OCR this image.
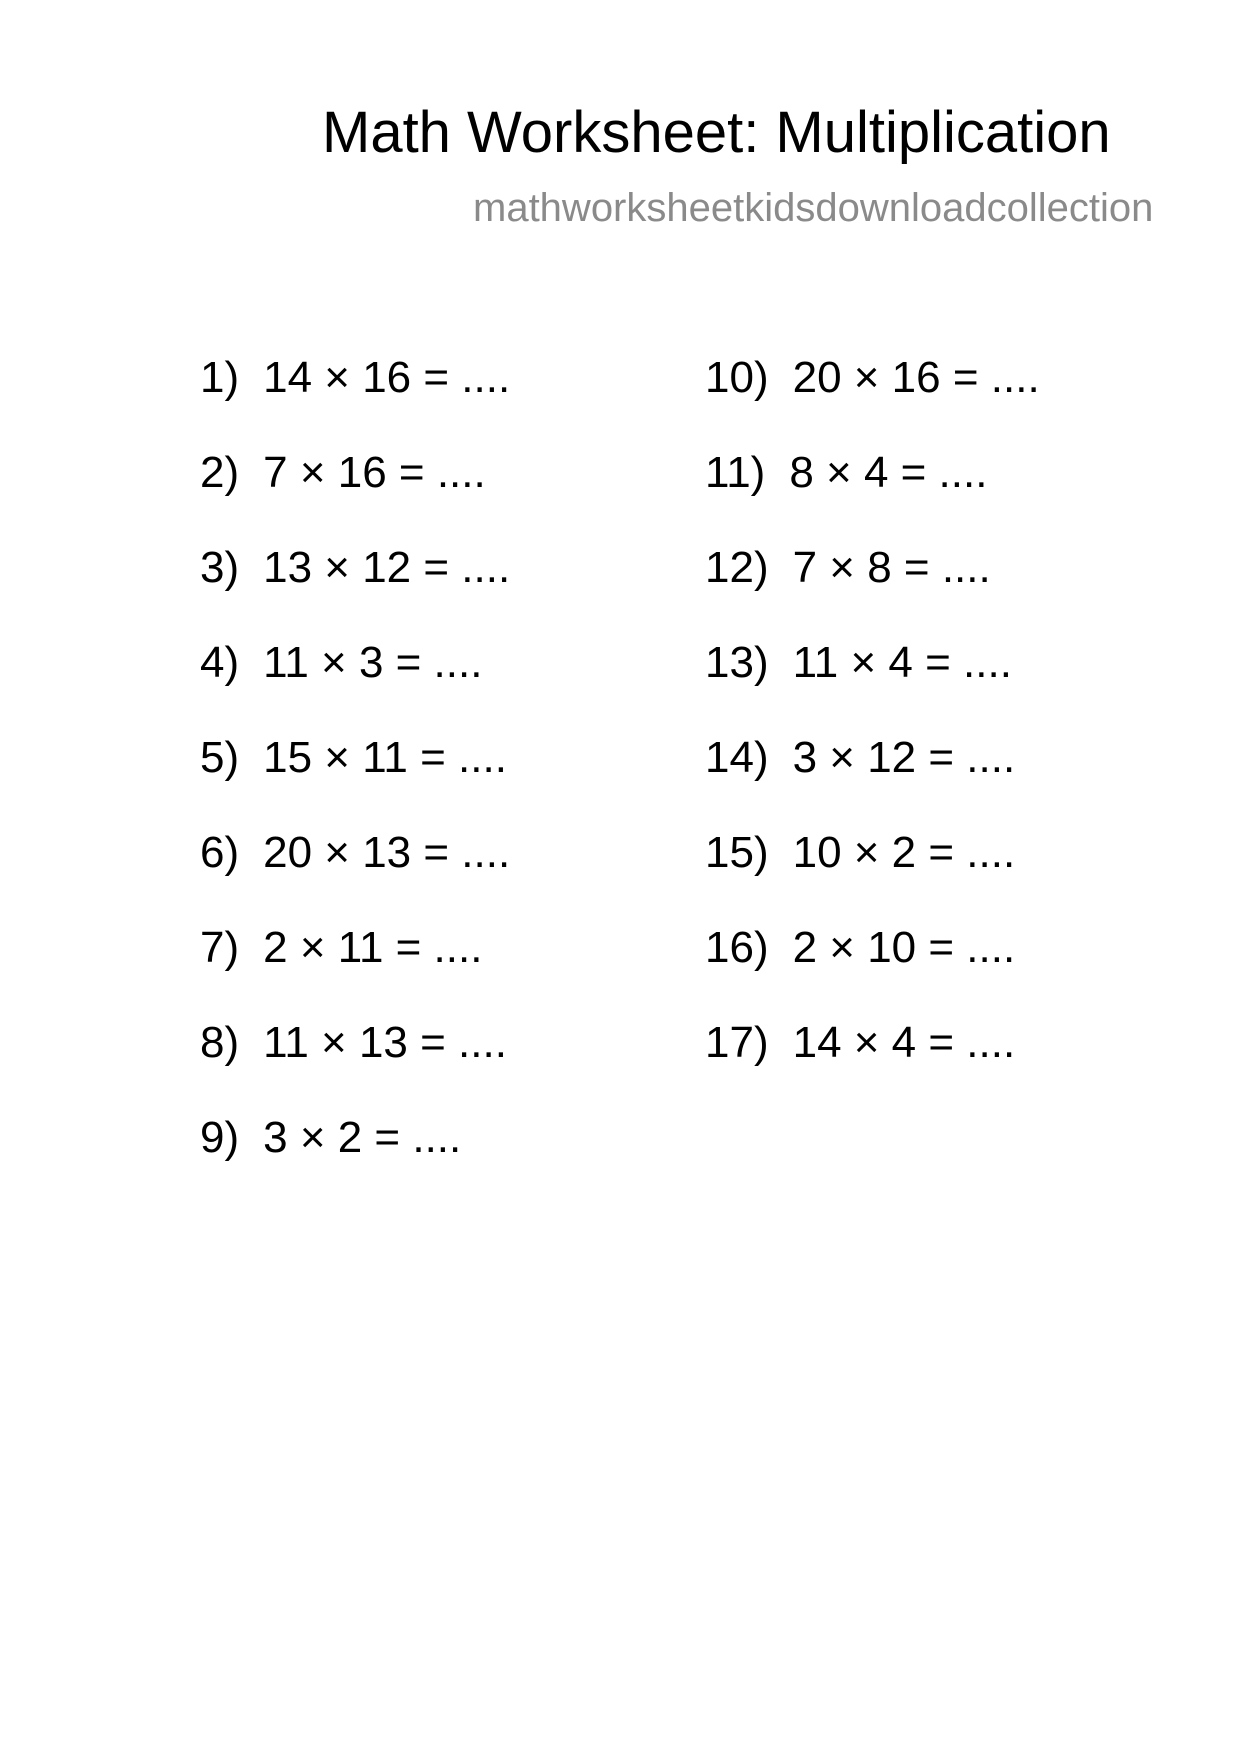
Math Worksheet: Multiplication
mathworksheetkidsdownloadcollection
1) 14 × 16 = ....
2) 7 × 16 = ....
3) 13 × 12 = ....
4) 11 × 3 = ....
5) 15 × 11 = ....
6) 20 × 13 = ....
7) 2 × 11 = ....
8) 11 × 13 = ....
9) 3 × 2 = ....
10) 20 × 16 = ....
11) 8 × 4 = ....
12) 7 × 8 = ....
13) 11 × 4 = ....
14) 3 × 12 = ....
15) 10 × 2 = ....
16) 2 × 10 = ....
17) 14 × 4 = ....
